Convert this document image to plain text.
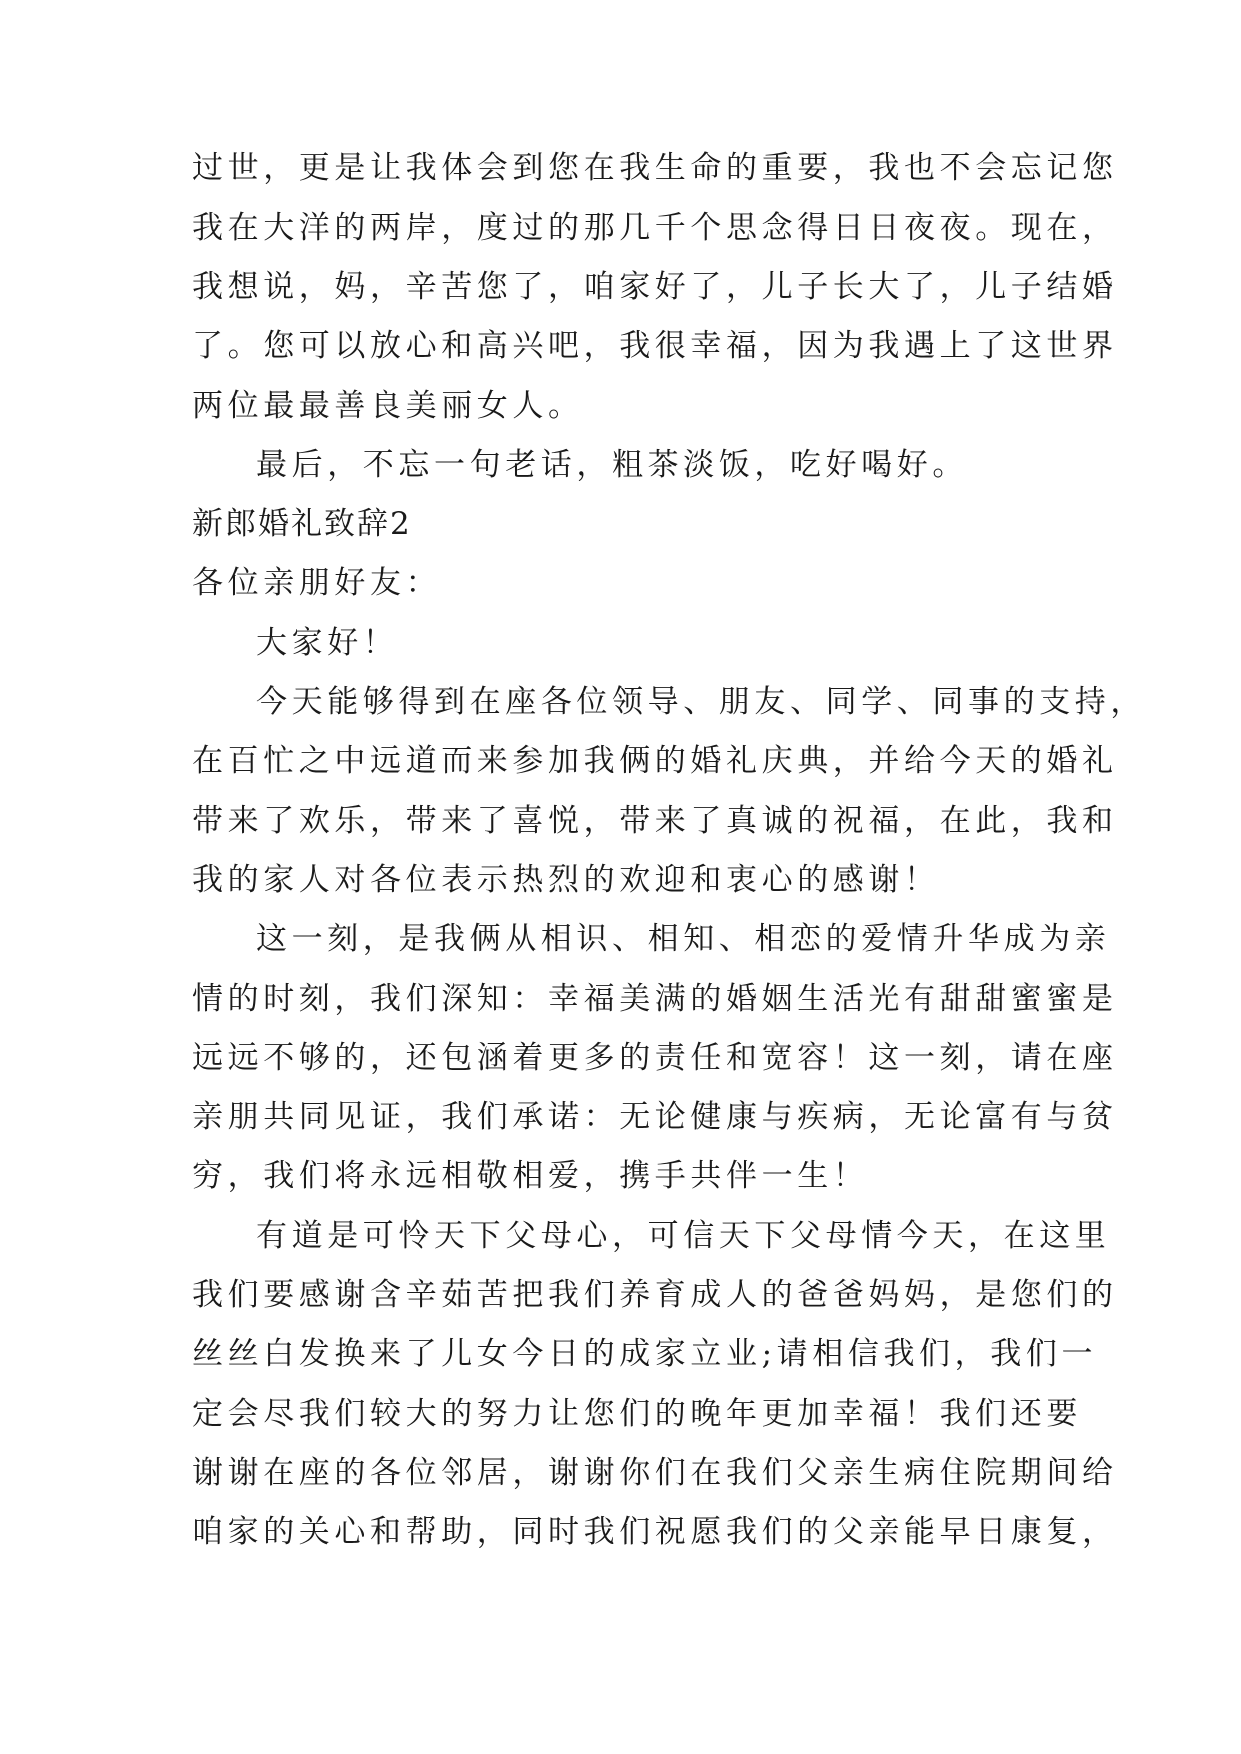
过世，更是让我体会到您在我生命的重要，我也不会忘记您
我在大洋的两岸，度过的那几千个思念得日日夜夜。现在，
我想说，妈，辛苦您了，咱家好了，儿子长大了，儿子结婚
了。您可以放心和高兴吧，我很幸福，因为我遇上了这世界
两位最最善良美丽女人。
最后，不忘一句老话，粗茶淡饭，吃好喝好。
新郎婚礼致辞2
各位亲朋好友：
大家好！
今天能够得到在座各位领导、朋友、同学、同事的支持，
在百忙之中远道而来参加我俩的婚礼庆典，并给今天的婚礼
带来了欢乐，带来了喜悦，带来了真诚的祝福，在此，我和
我的家人对各位表示热烈的欢迎和衷心的感谢！
这一刻，是我俩从相识、相知、相恋的爱情升华成为亲
情的时刻，我们深知：幸福美满的婚姻生活光有甜甜蜜蜜是
远远不够的，还包涵着更多的责任和宽容！这一刻，请在座
亲朋共同见证，我们承诺：无论健康与疾病，无论富有与贫
穷，我们将永远相敬相爱，携手共伴一生！
有道是可怜天下父母心，可信天下父母情今天，在这里
我们要感谢含辛茹苦把我们养育成人的爸爸妈妈，是您们的
丝丝白发换来了儿女今日的成家立业;请相信我们，我们一
定会尽我们较大的努力让您们的晚年更加幸福！我们还要
谢谢在座的各位邻居，谢谢你们在我们父亲生病住院期间给
咱家的关心和帮助，同时我们祝愿我们的父亲能早日康复，
